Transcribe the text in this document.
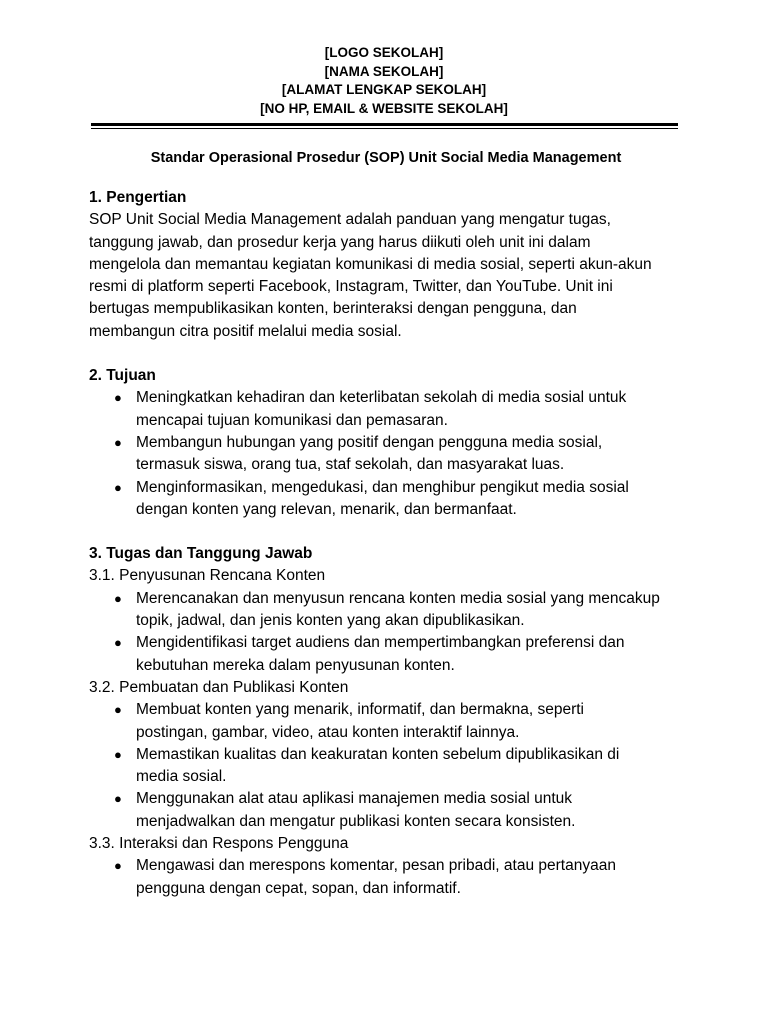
[LOGO SEKOLAH]
[NAMA SEKOLAH]
[ALAMAT LENGKAP SEKOLAH]
[NO HP, EMAIL & WEBSITE SEKOLAH]
Standar Operasional Prosedur (SOP) Unit Social Media Management
1. Pengertian
SOP Unit Social Media Management adalah panduan yang mengatur tugas,
tanggung jawab, dan prosedur kerja yang harus diikuti oleh unit ini dalam
mengelola dan memantau kegiatan komunikasi di media sosial, seperti akun-akun
resmi di platform seperti Facebook, Instagram, Twitter, dan YouTube. Unit ini
bertugas mempublikasikan konten, berinteraksi dengan pengguna, dan
membangun citra positif melalui media sosial.
2. Tujuan
● Meningkatkan kehadiran dan keterlibatan sekolah di media sosial untuk
mencapai tujuan komunikasi dan pemasaran.
● Membangun hubungan yang positif dengan pengguna media sosial,
termasuk siswa, orang tua, staf sekolah, dan masyarakat luas.
● Menginformasikan, mengedukasi, dan menghibur pengikut media sosial
dengan konten yang relevan, menarik, dan bermanfaat.
3. Tugas dan Tanggung Jawab
3.1. Penyusunan Rencana Konten
● Merencanakan dan menyusun rencana konten media sosial yang mencakup
topik, jadwal, dan jenis konten yang akan dipublikasikan.
● Mengidentifikasi target audiens dan mempertimbangkan preferensi dan
kebutuhan mereka dalam penyusunan konten.
3.2. Pembuatan dan Publikasi Konten
● Membuat konten yang menarik, informatif, dan bermakna, seperti
postingan, gambar, video, atau konten interaktif lainnya.
● Memastikan kualitas dan keakuratan konten sebelum dipublikasikan di
media sosial.
● Menggunakan alat atau aplikasi manajemen media sosial untuk
menjadwalkan dan mengatur publikasi konten secara konsisten.
3.3. Interaksi dan Respons Pengguna
● Mengawasi dan merespons komentar, pesan pribadi, atau pertanyaan
pengguna dengan cepat, sopan, dan informatif.
